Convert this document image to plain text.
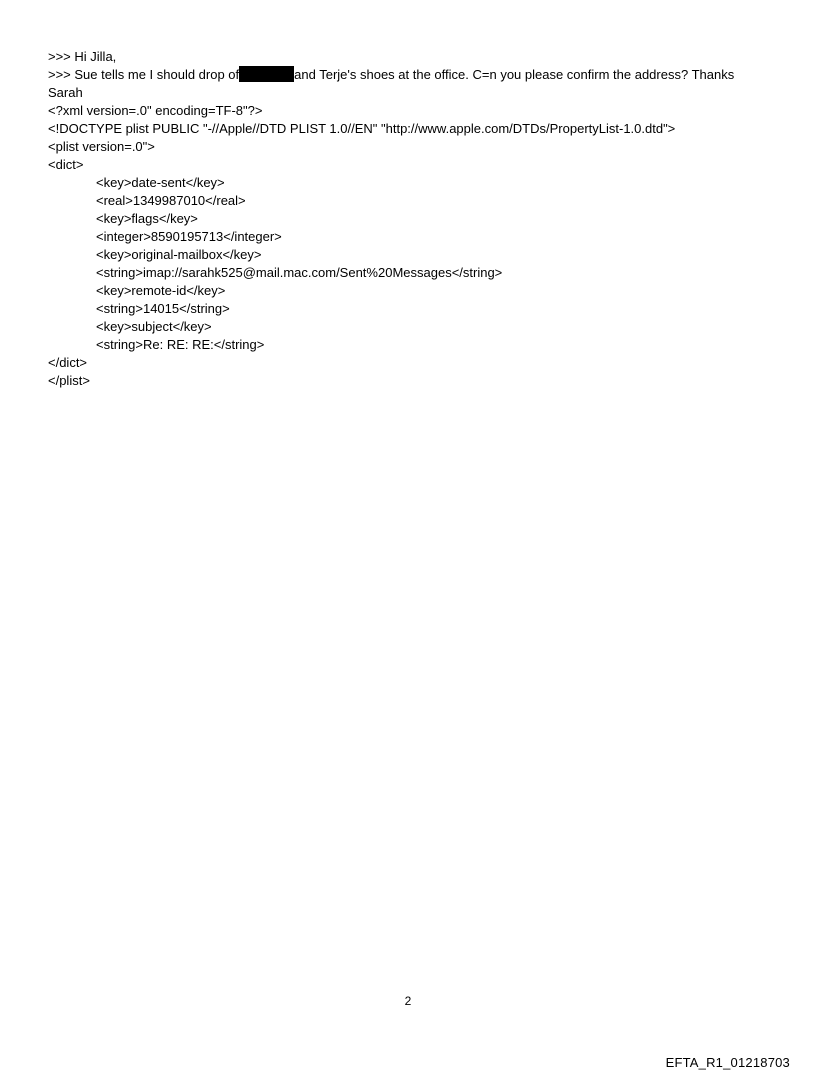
>>> Hi Jilla,
>>> Sue tells me I should drop of	and Terje's shoes at the office. C=n you please confirm the address? Thanks
Sarah
<?xml version=.0" encoding=TF-8"?>
<!DOCTYPE plist PUBLIC "-//Apple//DTD PLIST 1.0//EN" "http://www.apple.com/DTDs/PropertyList-1.0.dtd">
<plist version=.0">
<dict>
<key>date-sent</key>
<real>1349987010</real>
<key>flags</key>
<integer>8590195713</integer>
<key>original-mailbox</key>
<string>imap://sarahk525@mail.mac.com/Sent%20Messages</string>
<key>remote-id</key>
<string>14015</string>
<key>subject</key>
<string>Re: RE: RE:</string>
</dict>
</plist>
2
EFTA_R1_01218703
